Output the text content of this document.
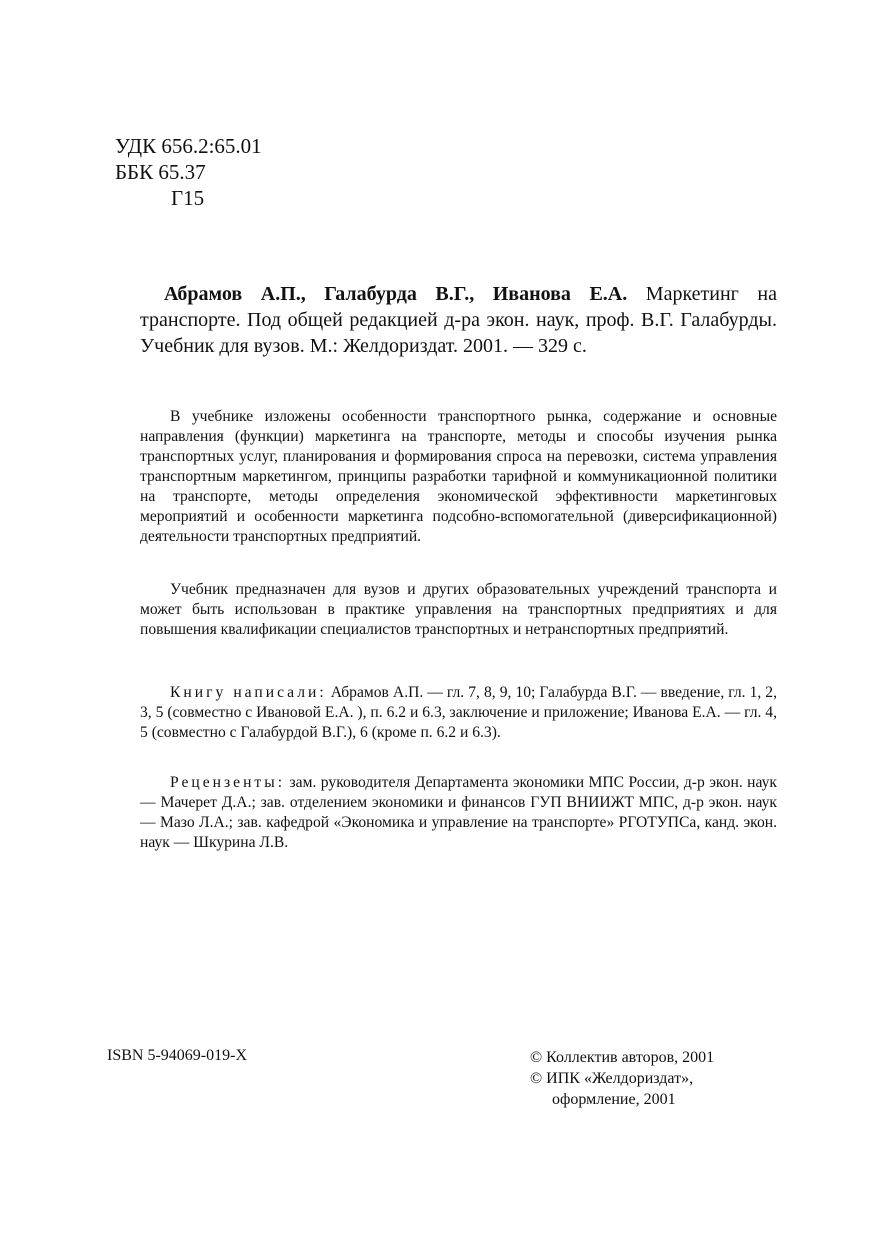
УДК 656.2:65.01
ББК 65.37
Г15
Абрамов А.П., Галабурда В.Г., Иванова Е.А. Маркетинг на транспорте. Под общей редакцией д-ра экон. наук, проф. В.Г. Галабурды. Учебник для вузов. М.: Желдориздат. 2001. — 329 с.

В учебнике изложены особенности транспортного рынка, содержание и основные направления (функции) маркетинга на транспорте, методы и способы изучения рынка транспортных услуг, планирования и формирования спроса на перевозки, система управления транспортным маркетингом, принципы разработки тарифной и коммуникационной политики на транспорте, методы определения экономической эффективности маркетинговых мероприятий и особенности маркетинга подсобно-вспомогательной (диверсификационной) деятельности транспортных предприятий.

Учебник предназначен для вузов и других образовательных учреждений транспорта и может быть использован в практике управления на транспортных предприятиях и для повышения квалификации специалистов транспортных и нетранспортных предприятий.

Книгу написали: Абрамов А.П. — гл. 7, 8, 9, 10; Галабурда В.Г. — введение, гл. 1, 2, 3, 5 (совместно с Ивановой Е.А. ), п. 6.2 и 6.3, заключение и приложение; Иванова Е.А. — гл. 4, 5 (совместно с Галабурдой В.Г.), 6 (кроме п. 6.2 и 6.3).

Рецензенты: зам. руководителя Департамента экономики МПС России, д-р экон. наук — Мачерет Д.А.; зав. отделением экономики и финансов ГУП ВНИИЖТ МПС, д-р экон. наук — Мазо Л.А.; зав. кафедрой «Экономика и управление на транспорте» РГОТУПСа, канд. экон. наук — Шкурина Л.В.

ISBN 5-94069-019-X	© Коллектив авторов, 2001
© ИПК «Желдориздат»,
оформление, 2001
